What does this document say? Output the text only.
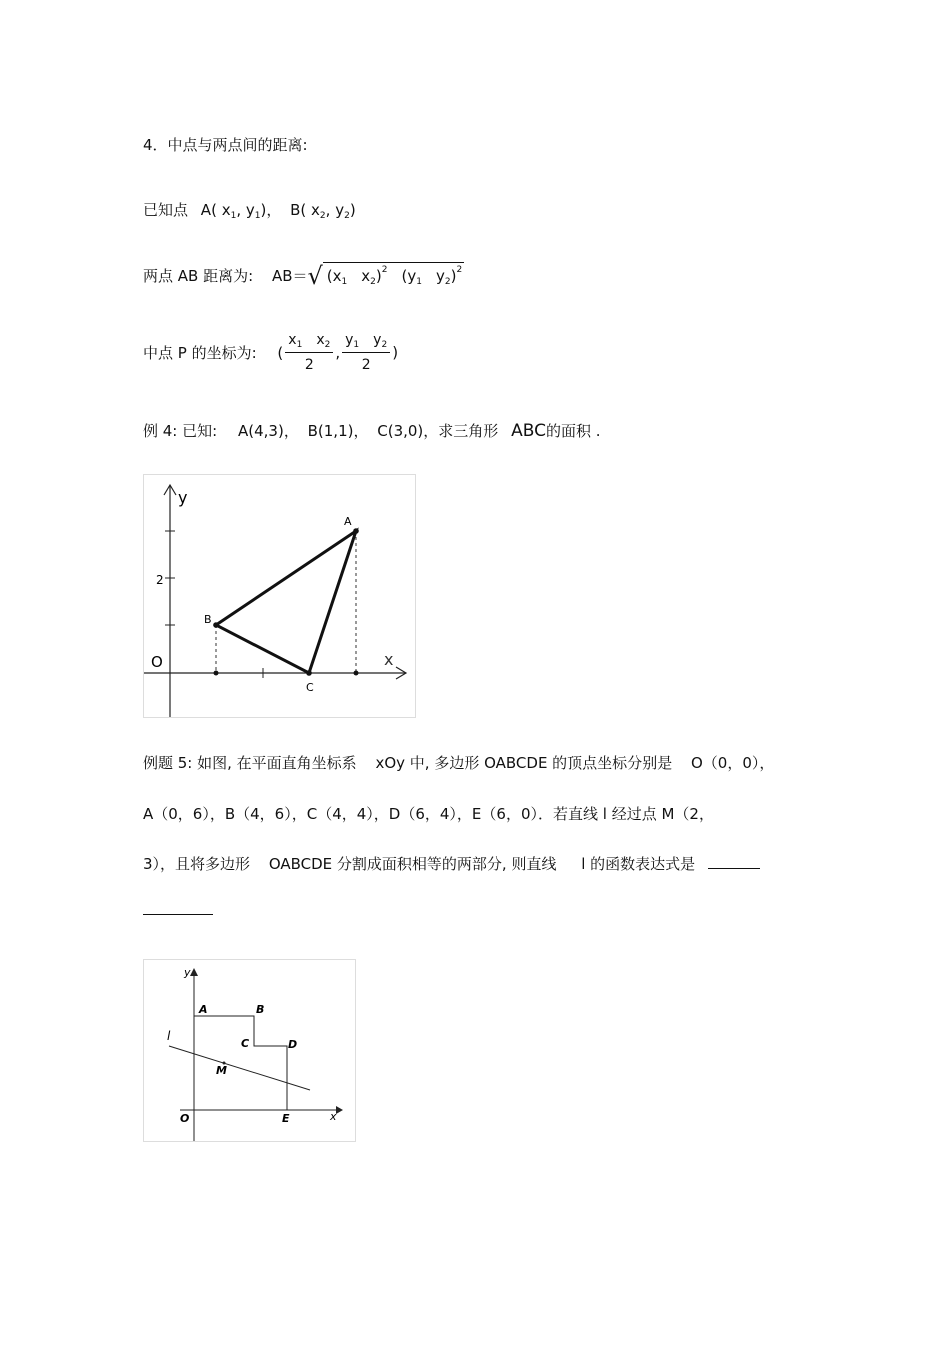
4．中点与两点间的距离:
已知点 A( $x_1$, $y_1$)， B( $x_2$, $y_2$)
两点 AB 距离为: AB＝√ ($x_1$ $x_2)^2$ ($y_1$ $y_2)^2$
中点 P 的坐标为: ( $\frac{x_1 x_2}{2}$ , $\frac{y_1 y_2}{2}$ )
例 4: 已知: A(4,3)， B(1,1)， C(3,0)，求三角形 ABC的面积 .
y
x
O
2
A
B
C
例题 5: 如图, 在平面直角坐标系 xOy 中, 多边形 OABCDE 的顶点坐标分别是 O（0，0），
A（0，6），B（4，6），C（4，4），D（6，4），E（6，0）．若直线 l 经过点 M（2，
3），且将多边形 OABCDE 分割成面积相等的两部分, 则直线 l 的函数表达式是
y
x
O
A	B
C	D
E
M
l
